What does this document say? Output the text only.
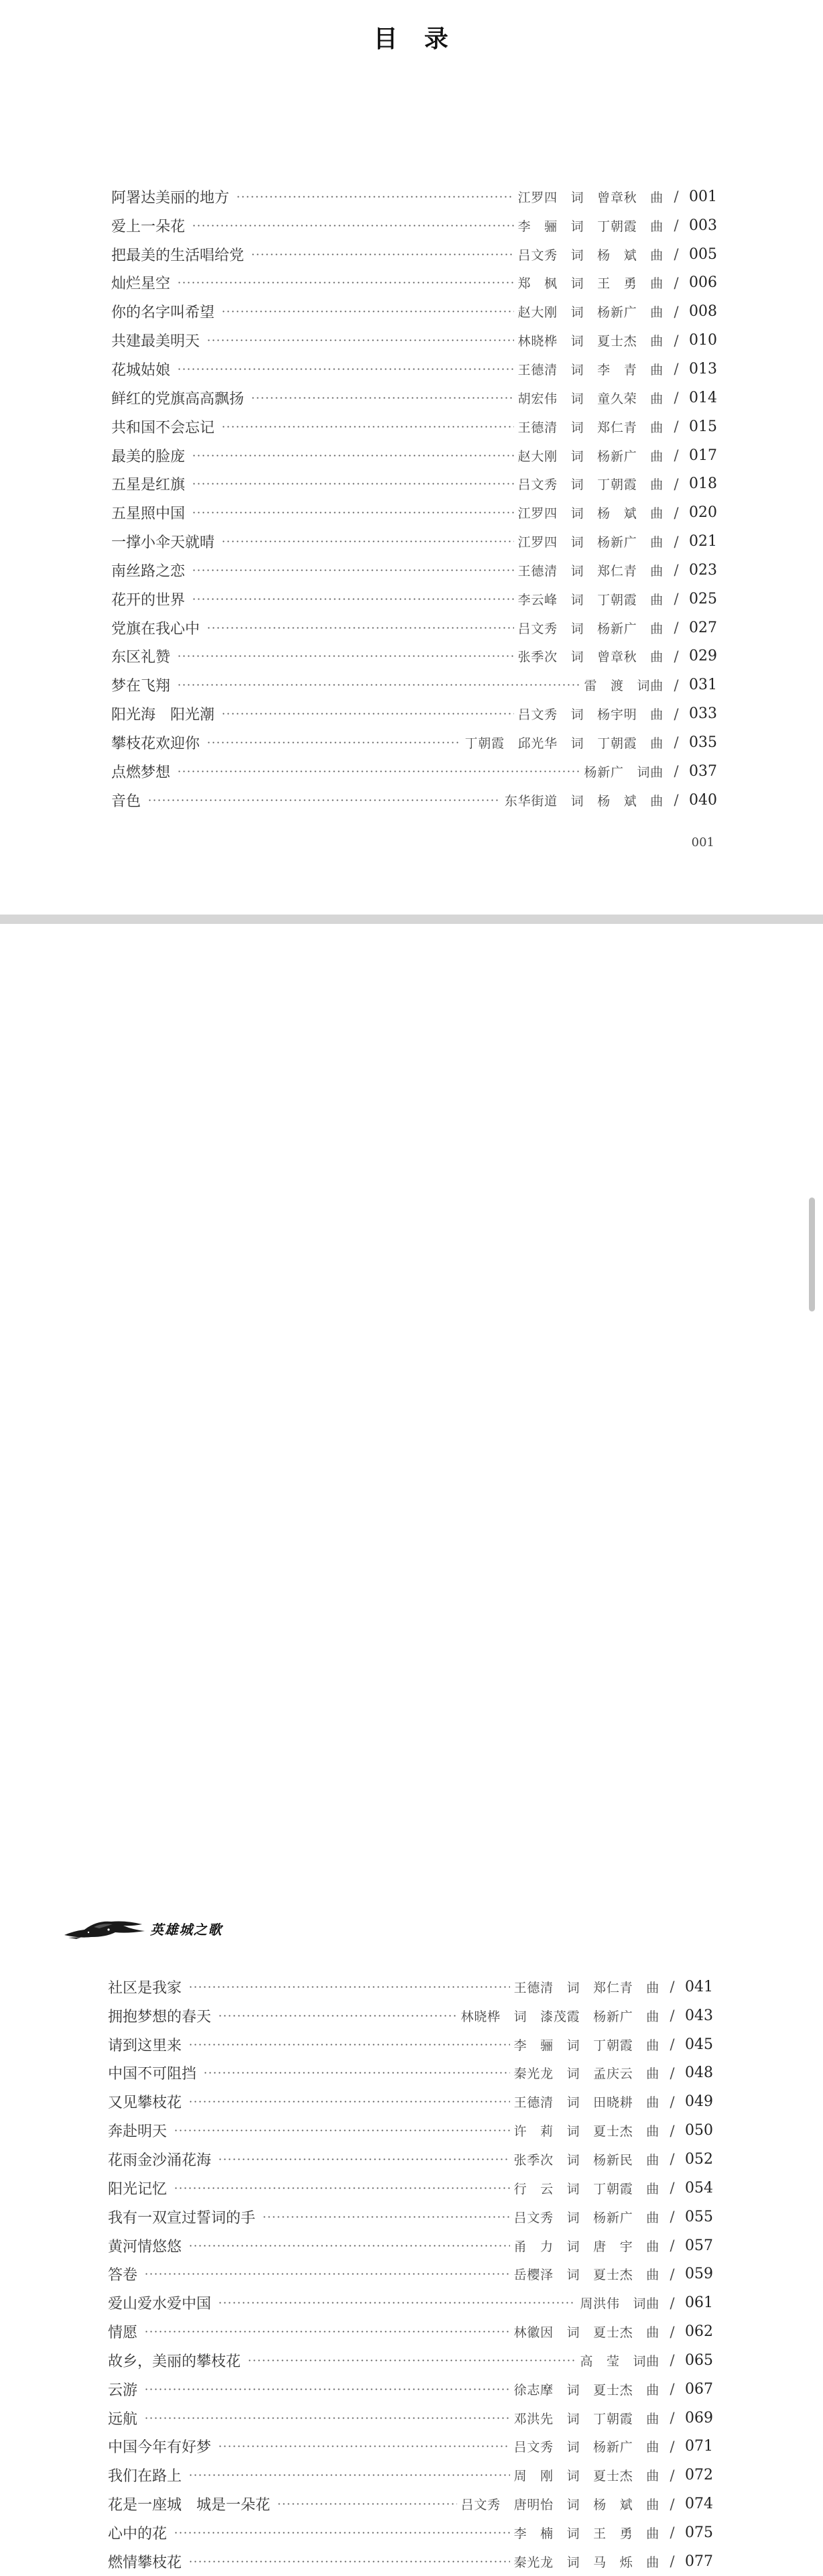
目　录
阿署达美丽的地方	江罗四　词　曾章秋　曲 / 001
爱上一朵花	李　骊　词　丁朝霞　曲 / 003
把最美的生活唱给党	吕文秀　词　杨　斌　曲 / 005
灿烂星空	郑　枫　词　王　勇　曲 / 006
你的名字叫希望	赵大刚　词　杨新广　曲 / 008
共建最美明天	林晓桦　词　夏士杰　曲 / 010
花城姑娘	王德清　词　李　青　曲 / 013
鲜红的党旗高高飘扬	胡宏伟　词　童久荣　曲 / 014
共和国不会忘记	王德清　词　郑仁青　曲 / 015
最美的脸庞	赵大刚　词　杨新广　曲 / 017
五星是红旗	吕文秀　词　丁朝霞　曲 / 018
五星照中国	江罗四　词　杨　斌　曲 / 020
一撑小伞天就晴	江罗四　词　杨新广　曲 / 021
南丝路之恋	王德清　词　郑仁青　曲 / 023
花开的世界	李云峰　词　丁朝霞　曲 / 025
党旗在我心中	吕文秀　词　杨新广　曲 / 027
东区礼赞	张季次　词　曾章秋　曲 / 029
梦在飞翔	雷　渡　词曲 / 031
阳光海　阳光潮	吕文秀　词　杨宇明　曲 / 033
攀枝花欢迎你	丁朝霞　邱光华　词　丁朝霞　曲 / 035
点燃梦想	杨新广　词曲 / 037
音色	东华街道　词　杨　斌　曲 / 040
001
英雄城之歌
社区是我家	王德清　词　郑仁青　曲 / 041
拥抱梦想的春天	林晓桦　词　漆茂霞　杨新广　曲 / 043
请到这里来	李　骊　词　丁朝霞　曲 / 045
中国不可阻挡	秦光龙　词　孟庆云　曲 / 048
又见攀枝花	王德清　词　田晓耕　曲 / 049
奔赴明天	许　莉　词　夏士杰　曲 / 050
花雨金沙涌花海	张季次　词　杨新民　曲 / 052
阳光记忆	行　云　词　丁朝霞　曲 / 054
我有一双宣过誓词的手	吕文秀　词　杨新广　曲 / 055
黄河情悠悠	甬　力　词　唐　宇　曲 / 057
答卷	岳樱泽　词　夏士杰　曲 / 059
爱山爱水爱中国	周洪伟　词曲 / 061
情愿	林徽因　词　夏士杰　曲 / 062
故乡，美丽的攀枝花	高　莹　词曲 / 065
云游	徐志摩　词　夏士杰　曲 / 067
远航	邓洪先　词　丁朝霞　曲 / 069
中国今年有好梦	吕文秀　词　杨新广　曲 / 071
我们在路上	周　刚　词　夏士杰　曲 / 072
花是一座城　城是一朵花	吕文秀　唐明怡　词　杨　斌　曲 / 074
心中的花	李　楠　词　王　勇　曲 / 075
燃情攀枝花	秦光龙　词　马　烁　曲 / 077
